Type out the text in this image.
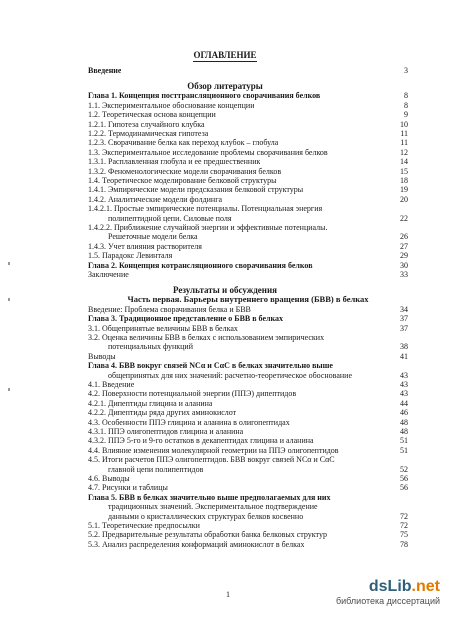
ОГЛАВЛЕНИЕ
Введение	3
Обзор литературы
Глава 1. Концепция посттрансляционного сворачивания белков	8
1.1. Экспериментальное обоснование концепции	8
1.2. Теоретическая основа концепции	9
1.2.1. Гипотеза случайного клубка	10
1.2.2. Термодинамическая гипотеза	11
1.2.3. Сворачивание белка как переход клубок – глобула	11
1.3. Экспериментальное исследование проблемы сворачивания белков	12
1.3.1. Расплавленная глобула и ее предшественник	14
1.3.2. Феноменологические модели сворачивания белков	15
1.4. Теоретическое моделирование белковой структуры	18
1.4.1. Эмпирические модели предсказания белковой структуры	19
1.4.2. Аналитические модели фолдинга	20
1.4.2.1. Простые эмпирические потенциалы. Потенциальная энергия
полипептидной цепи. Силовые поля	22
1.4.2.2. Приближение случайной энергии и эффективные потенциалы.
Решеточные модели белка	26
1.4.3. Учет влияния растворителя	27
1.5. Парадокс Левинталя	29
Глава 2. Концепция котрансляционного сворачивания белков	30
Заключение	33
Результаты и обсуждения
Часть первая. Барьеры внутреннего вращения (БВВ) в белках
Введение: Проблема сворачивания белка и БВВ	34
Глава 3. Традиционное представление о БВВ в белках	37
3.1. Общепринятые величины БВВ в белках	37
3.2. Оценка величины БВВ в белках с использованием эмпирических
потенциальных функций	38
Выводы	41
Глава 4. БВВ вокруг связей NCα и CαC в белках значительно выше
общепринятых для них значений: расчетно-теоретическое обоснование	43
4.1. Введение	43
4.2. Поверхности потенциальной энергии (ППЭ) дипептидов	43
4.2.1. Дипептиды глицина и аланина	44
4.2.2. Дипептиды ряда других аминокислот	46
4.3. Особенности ППЭ глицина и аланина в олигопептидах	48
4.3.1. ППЭ олигопептидов глицина и аланина	48
4.3.2. ППЭ 5-го и 9-го остатков в декапептидах глицина и аланина	51
4.4. Влияние изменения молекулярной геометрии на ППЭ олигопептидов	51
4.5. Итоги расчетов ППЭ олигопептидов. БВВ вокруг связей NCα и CαC
главной цепи полипептидов	52
4.6. Выводы	56
4.7. Рисунки и таблицы	56
Глава 5. БВВ в белках значительно выше предполагаемых для них
традиционных значений. Экспериментальное подтверждение
данными о кристаллических структурах белков косвенно	72
5.1. Теоретические предпосылки	72
5.2. Предварительные результаты обработки банка белковых структур	75
5.3. Анализ распределения конформаций аминокислот в белках	78
1	dsLib.net
библиотека диссертаций
